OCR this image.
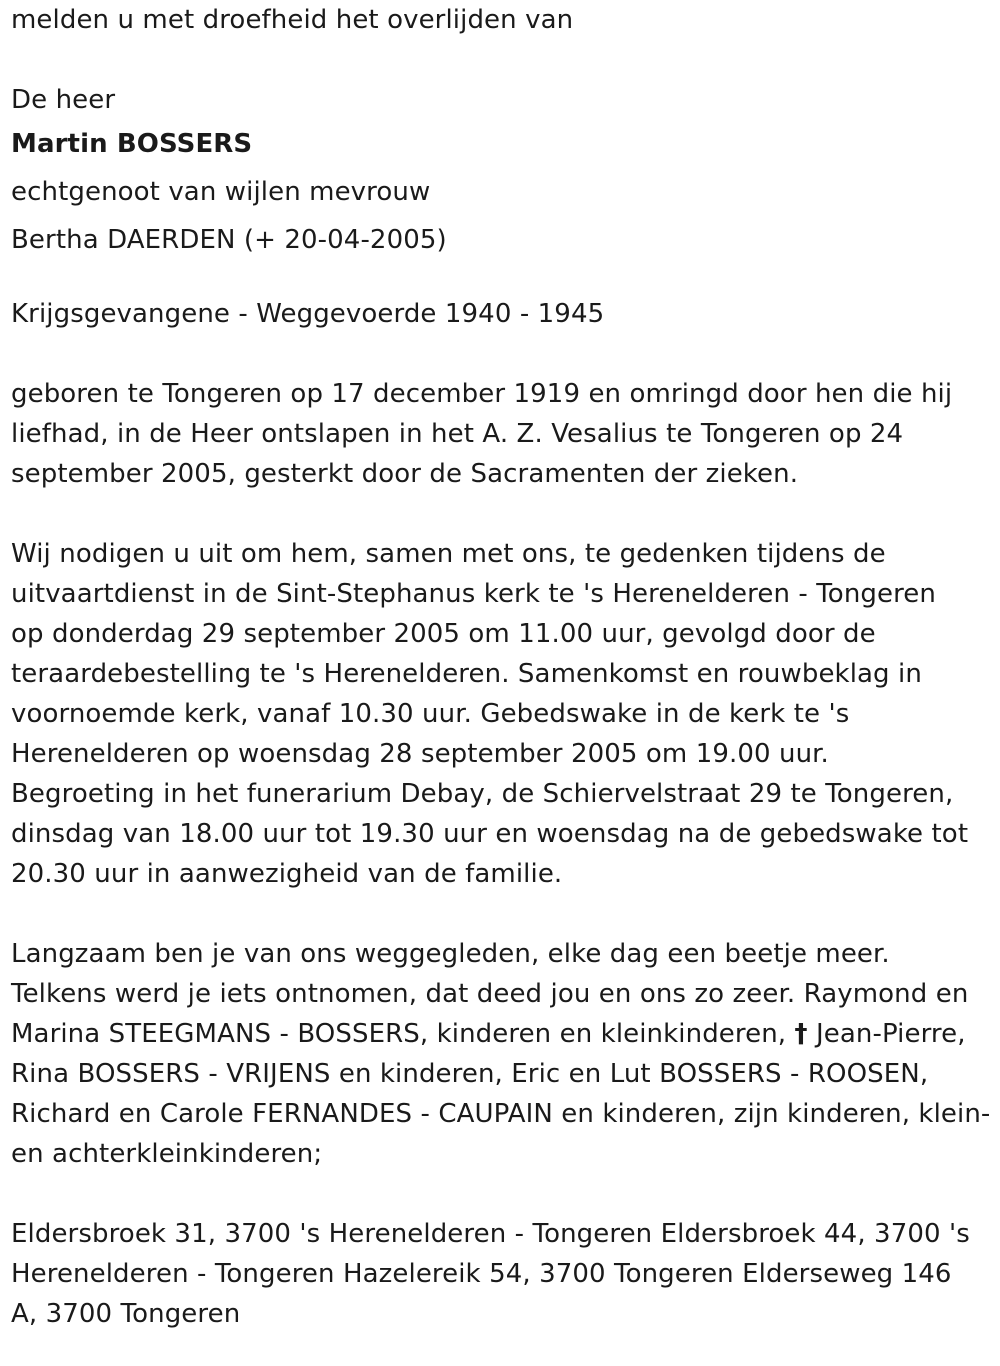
melden u met droefheid het overlijden van
De heer
Martin BOSSERS
echtgenoot van wijlen mevrouw
Bertha DAERDEN (+ 20-04-2005)
Krijgsgevangene - Weggevoerde 1940 - 1945
geboren te Tongeren op 17 december 1919 en omringd door hen die hij
liefhad, in de Heer ontslapen in het A. Z. Vesalius te Tongeren op 24
september 2005, gesterkt door de Sacramenten der zieken.
Wij nodigen u uit om hem, samen met ons, te gedenken tijdens de
uitvaartdienst in de Sint-Stephanus kerk te 's Herenelderen - Tongeren
op donderdag 29 september 2005 om 11.00 uur, gevolgd door de
teraardebestelling te 's Herenelderen. Samenkomst en rouwbeklag in
voornoemde kerk, vanaf 10.30 uur. Gebedswake in de kerk te 's
Herenelderen op woensdag 28 september 2005 om 19.00 uur.
Begroeting in het funerarium Debay, de Schiervelstraat 29 te Tongeren,
dinsdag van 18.00 uur tot 19.30 uur en woensdag na de gebedswake tot
20.30 uur in aanwezigheid van de familie.
Langzaam ben je van ons weggegleden, elke dag een beetje meer.
Telkens werd je iets ontnomen, dat deed jou en ons zo zeer. Raymond en
Marina STEEGMANS - BOSSERS, kinderen en kleinkinderen, † Jean-Pierre,
Rina BOSSERS - VRIJENS en kinderen, Eric en Lut BOSSERS - ROOSEN,
Richard en Carole FERNANDES - CAUPAIN en kinderen, zijn kinderen, klein-
en achterkleinkinderen;
Eldersbroek 31, 3700 's Herenelderen - Tongeren Eldersbroek 44, 3700 's
Herenelderen - Tongeren Hazelereik 54, 3700 Tongeren Elderseweg 146
A, 3700 Tongeren
